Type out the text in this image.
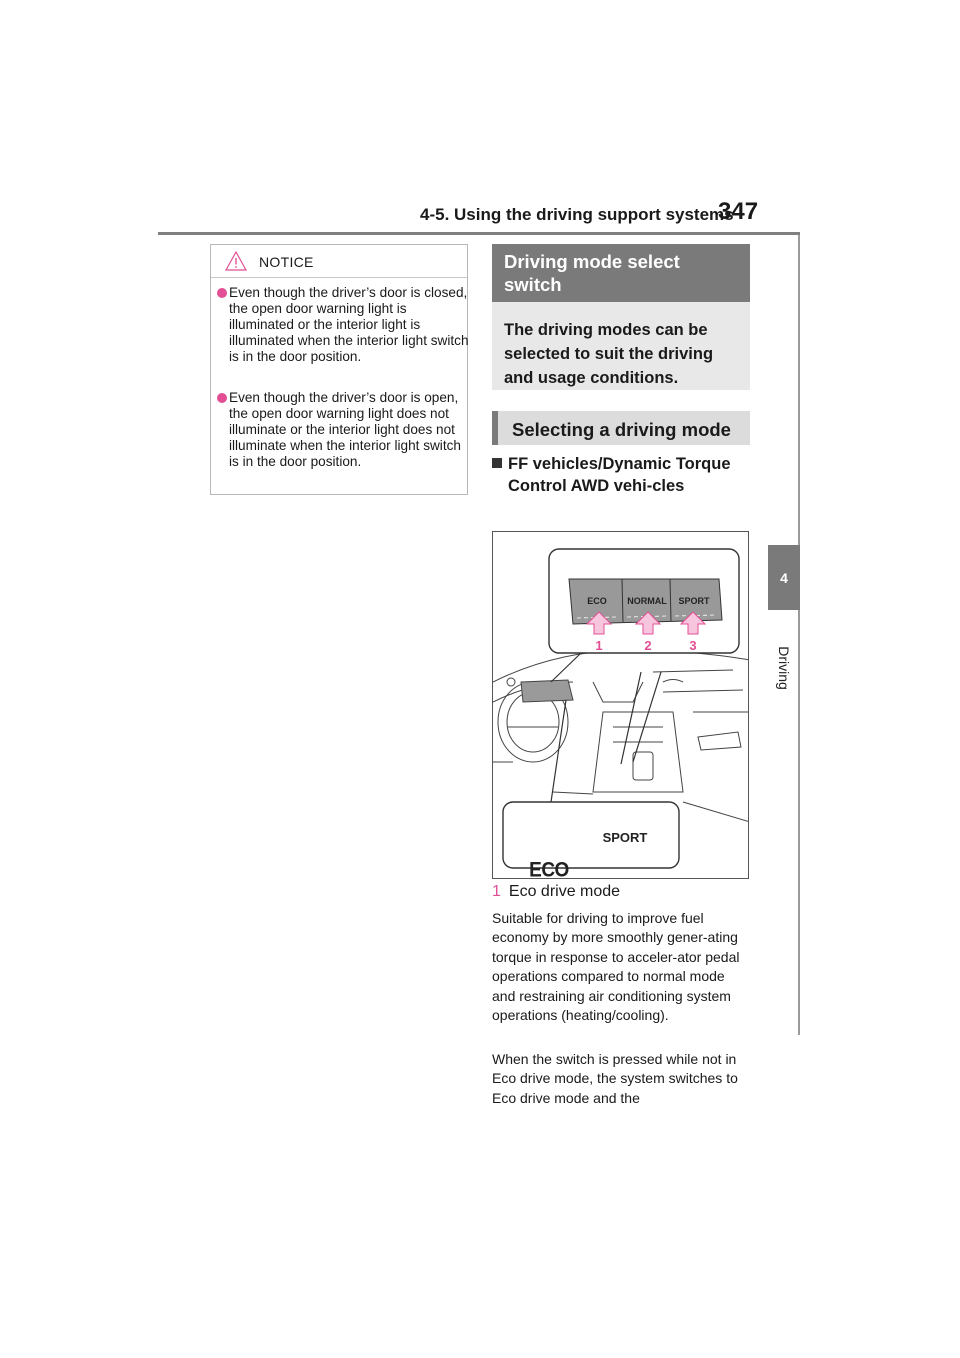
4-5. Using the driving support systems
347
4
Driving
NOTICE
Even though the driver’s door is closed, the open door warning light is illuminated or the interior light is illuminated when the interior light switch is in the door position.
Even though the driver’s door is open, the open door warning light does not illuminate or the interior light does not illuminate when the interior light switch is in the door position.
Driving mode select switch
The driving modes can be selected to suit the driving and usage conditions.
Selecting a driving mode
FF vehicles/Dynamic Torque Control AWD vehi-cles
ECO NORMAL SPORT
1	2	3
ECO
SPORT
1 Eco drive mode
Suitable for driving to improve fuel economy by more smoothly gener-ating torque in response to acceler-ator pedal operations compared to normal mode and restraining air conditioning system operations (heating/cooling).
When the switch is pressed while not in Eco drive mode, the system switches to Eco drive mode and the
